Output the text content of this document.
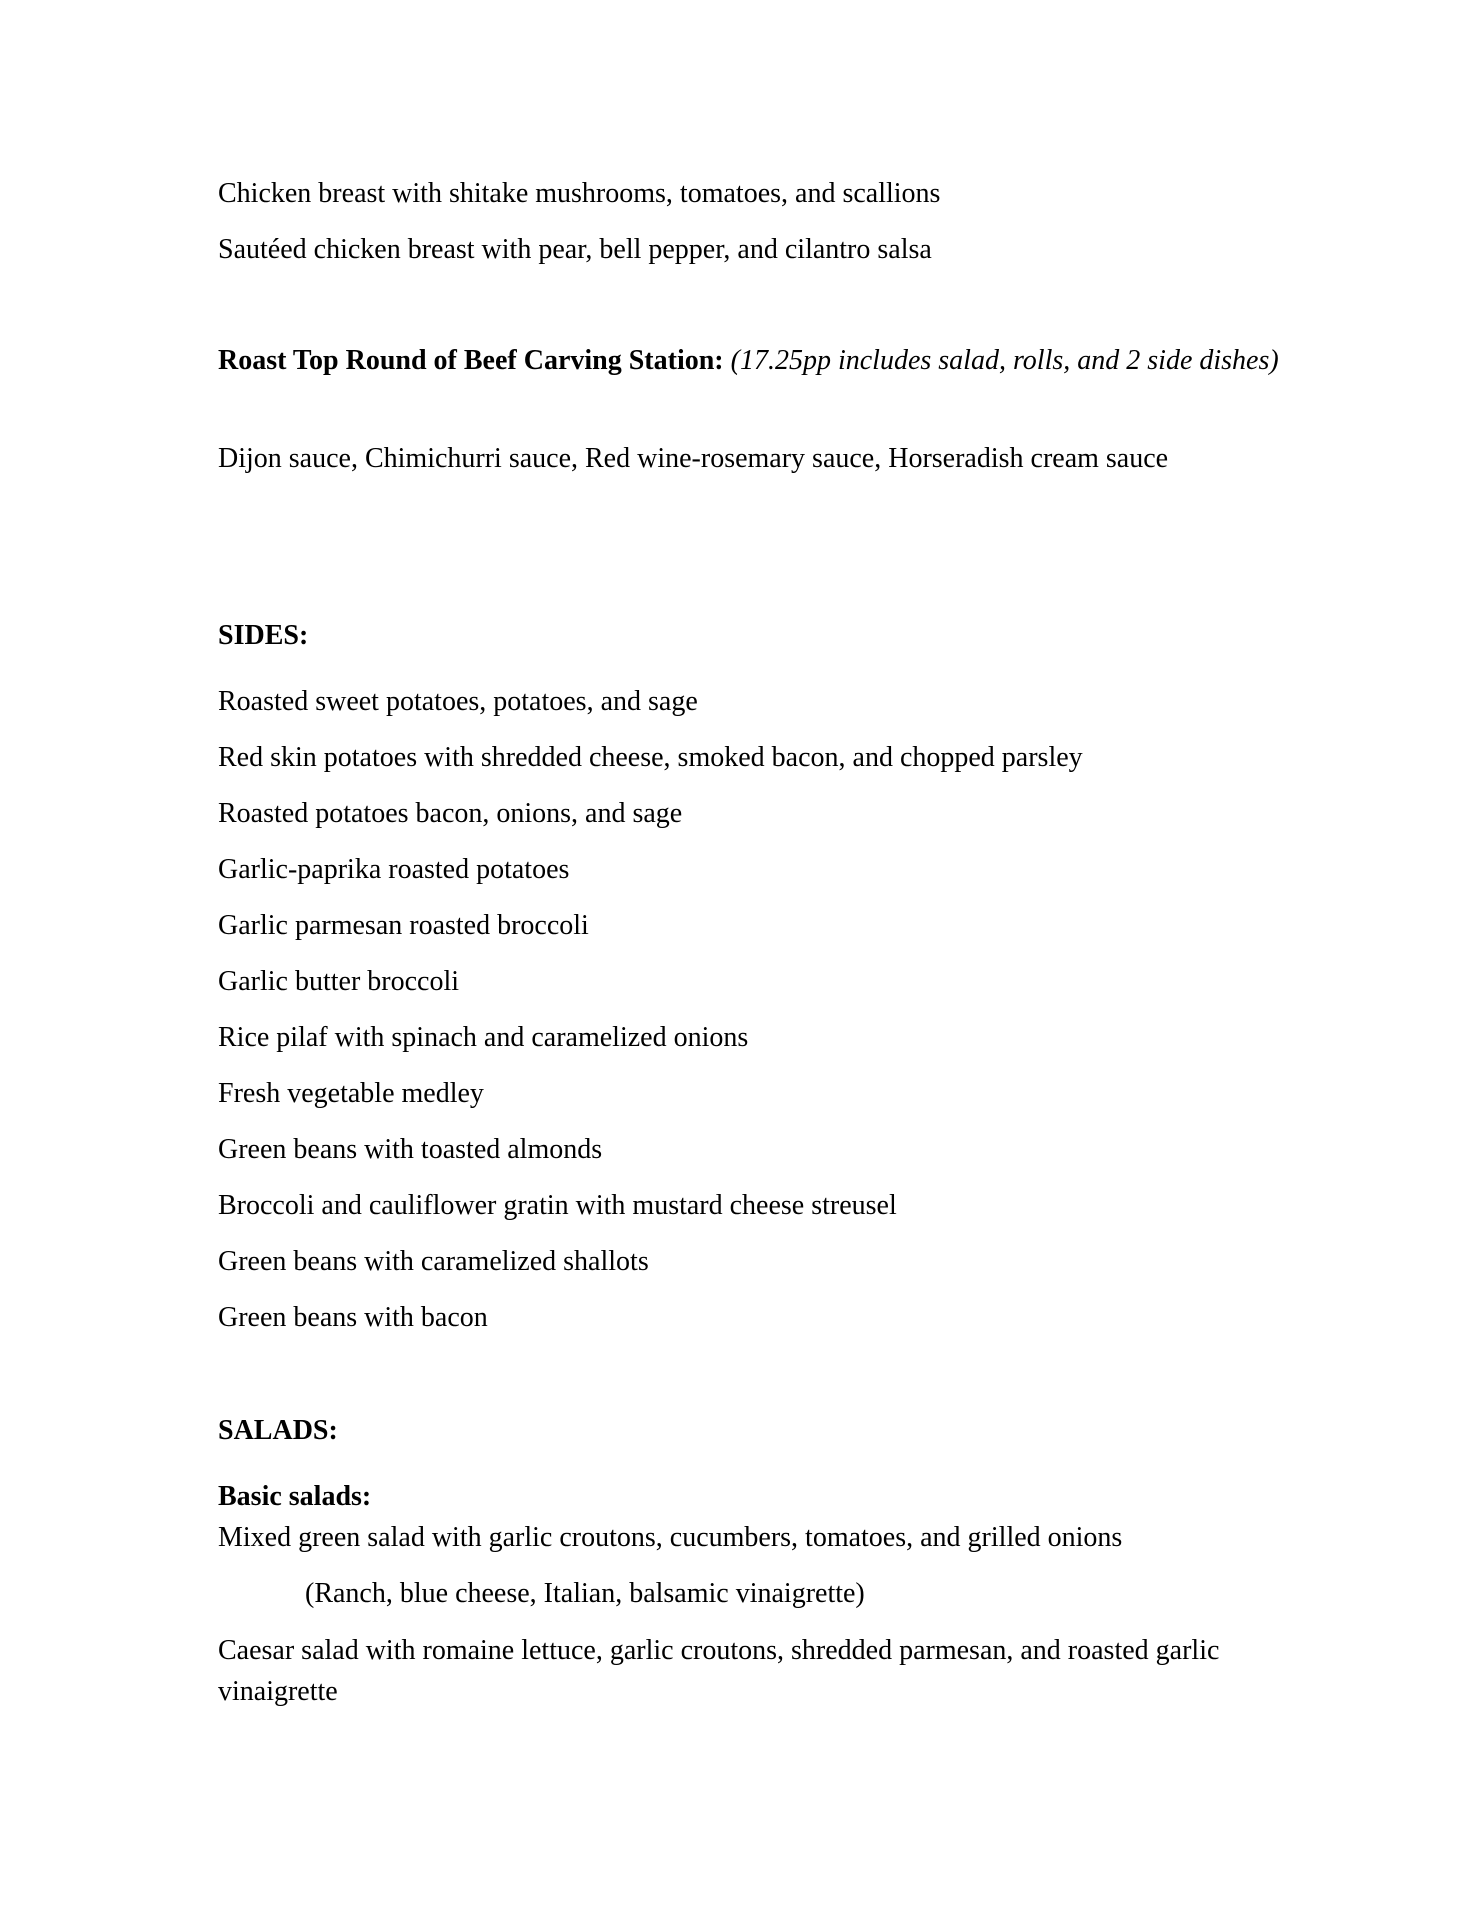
Chicken breast with shitake mushrooms, tomatoes, and scallions

Sautéed chicken breast with pear, bell pepper, and cilantro salsa

Roast Top Round of Beef Carving Station: (17.25pp includes salad, rolls, and 2 side dishes)

Dijon sauce, Chimichurri sauce, Red wine-rosemary sauce, Horseradish cream sauce

SIDES:

Roasted sweet potatoes, potatoes, and sage

Red skin potatoes with shredded cheese, smoked bacon, and chopped parsley

Roasted potatoes bacon, onions, and sage

Garlic-paprika roasted potatoes

Garlic parmesan roasted broccoli

Garlic butter broccoli

Rice pilaf with spinach and caramelized onions

Fresh vegetable medley

Green beans with toasted almonds

Broccoli and cauliflower gratin with mustard cheese streusel

Green beans with caramelized shallots

Green beans with bacon

SALADS:

Basic salads:

Mixed green salad with garlic croutons, cucumbers, tomatoes, and grilled onions

(Ranch, blue cheese, Italian, balsamic vinaigrette)

Caesar salad with romaine lettuce, garlic croutons, shredded parmesan, and roasted garlic vinaigrette
